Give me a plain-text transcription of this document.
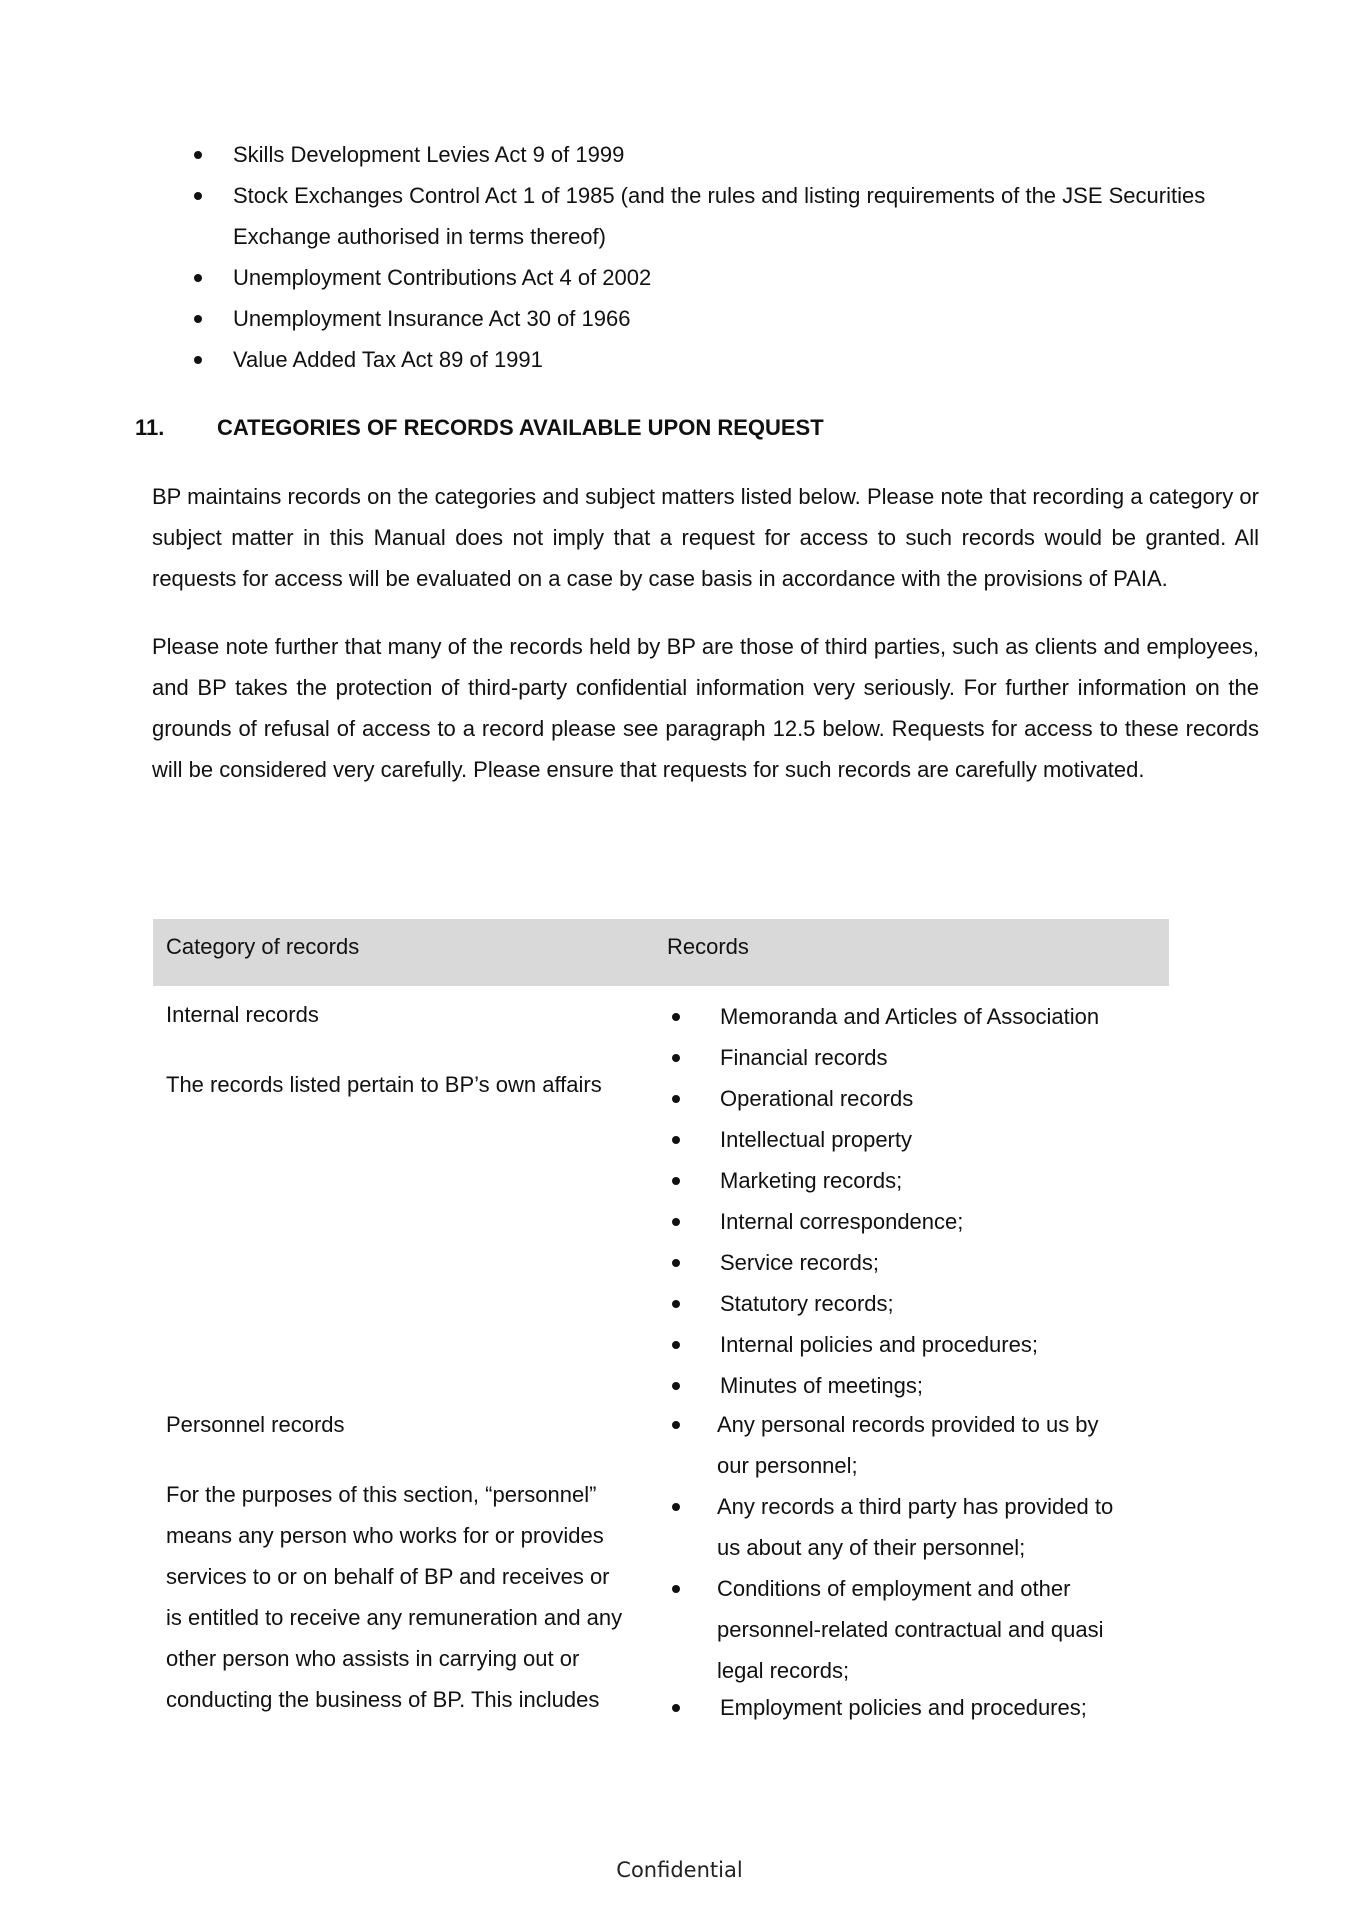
Skills Development Levies Act 9 of 1999
Stock Exchanges Control Act 1 of 1985 (and the rules and listing requirements of the JSE Securities
Exchange authorised in terms thereof)
Unemployment Contributions Act 4 of 2002
Unemployment Insurance Act 30 of 1966
Value Added Tax Act 89 of 1991
11. CATEGORIES OF RECORDS AVAILABLE UPON REQUEST
BP maintains records on the categories and subject matters listed below. Please note that recording a category or subject matter in this Manual does not imply that a request for access to such records would be granted. All requests for access will be evaluated on a case by case basis in accordance with the provisions of PAIA.
Please note further that many of the records held by BP are those of third parties, such as clients and employees, and BP takes the protection of third-party confidential information very seriously. For further information on the grounds of refusal of access to a record please see paragraph 12.5 below. Requests for access to these records will be considered very carefully. Please ensure that requests for such records are carefully motivated.
Category of records	Records
Internal records
The records listed pertain to BP’s own affairs
Memoranda and Articles of Association
Financial records
Operational records
Intellectual property
Marketing records;
Internal correspondence;
Service records;
Statutory records;
Internal policies and procedures;
Minutes of meetings;
Personnel records
For the purposes of this section, “personnel”
means any person who works for or provides
services to or on behalf of BP and receives or
is entitled to receive any remuneration and any
other person who assists in carrying out or
conducting the business of BP. This includes
Any personal records provided to us by our personnel;
Any records a third party has provided to us about any of their personnel;
Conditions of employment and other personnel-related contractual and quasi legal records;
Employment policies and procedures;
Confidential
